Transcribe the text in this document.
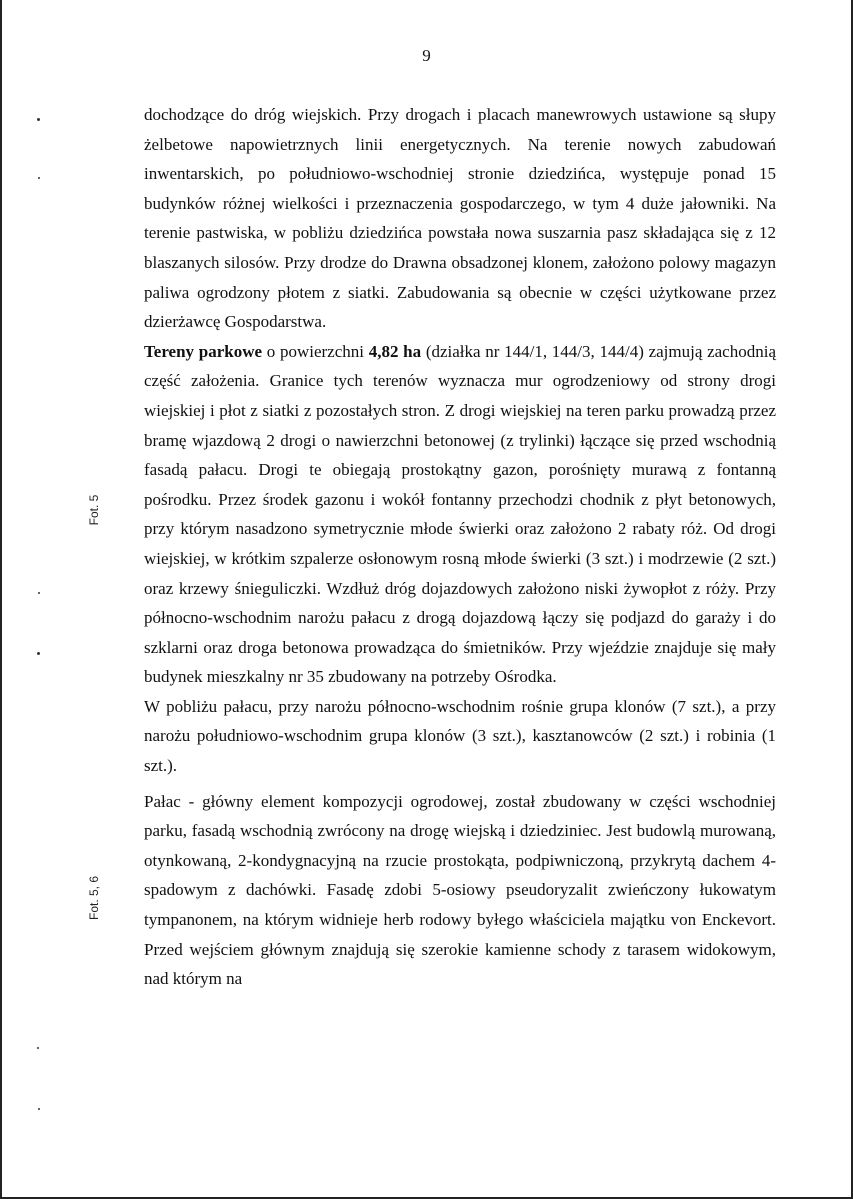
9
Fot. 5
Fot. 5, 6

dochodzące do dróg wiejskich. Przy drogach i placach manewrowych ustawione są słupy żelbetowe napowietrznych linii energetycznych. Na terenie nowych zabudowań inwentarskich, po południowo-wschodniej stronie dziedzińca, występuje ponad 15 budynków różnej wielkości i przeznaczenia gospodarczego, w tym 4 duże jałowniki. Na terenie pastwiska, w pobliżu dziedzińca powstała nowa suszarnia pasz składająca się z 12 blaszanych silosów. Przy drodze do Drawna obsadzonej klonem, założono polowy magazyn paliwa ogrodzony płotem z siatki. Zabudowania są obecnie w części użytkowane przez dzierżawcę Gospodarstwa.

Tereny parkowe o powierzchni 4,82 ha (działka nr 144/1, 144/3, 144/4) zajmują zachodnią część założenia. Granice tych terenów wyznacza mur ogrodzeniowy od strony drogi wiejskiej i płot z siatki z pozostałych stron. Z drogi wiejskiej na teren parku prowadzą przez bramę wjazdową 2 drogi o nawierzchni betonowej (z trylinki) łączące się przed wschodnią fasadą pałacu. Drogi te obiegają prostokątny gazon, porośnięty murawą z fontanną pośrodku. Przez środek gazonu i wokół fontanny przechodzi chodnik z płyt betonowych, przy którym nasadzono symetrycznie młode świerki oraz założono 2 rabaty róż. Od drogi wiejskiej, w krótkim szpalerze osłonowym rosną młode świerki (3 szt.) i modrzewie (2 szt.) oraz krzewy śnieguliczki. Wzdłuż dróg dojazdowych założono niski żywopłot z róży. Przy północno-wschodnim narożu pałacu z drogą dojazdową łączy się podjazd do garaży i do szklarni oraz droga betonowa prowadząca do śmietników. Przy wjeździe znajduje się mały budynek mieszkalny nr 35 zbudowany na potrzeby Ośrodka.

W pobliżu pałacu, przy narożu północno-wschodnim rośnie grupa klonów (7 szt.), a przy narożu południowo-wschodnim grupa klonów (3 szt.), kasztanowców (2 szt.) i robinia (1 szt.).

Pałac - główny element kompozycji ogrodowej, został zbudowany w części wschodniej parku, fasadą wschodnią zwrócony na drogę wiejską i dziedziniec. Jest budowlą murowaną, otynkowaną, 2-kondygnacyjną na rzucie prostokąta, podpiwniczoną, przykrytą dachem 4-spadowym z dachówki. Fasadę zdobi 5-osiowy pseudoryzalit zwieńczony łukowatym tympanonem, na którym widnieje herb rodowy byłego właściciela majątku von Enckevort. Przed wejściem głównym znajdują się szerokie kamienne schody z tarasem widokowym, nad którym na
